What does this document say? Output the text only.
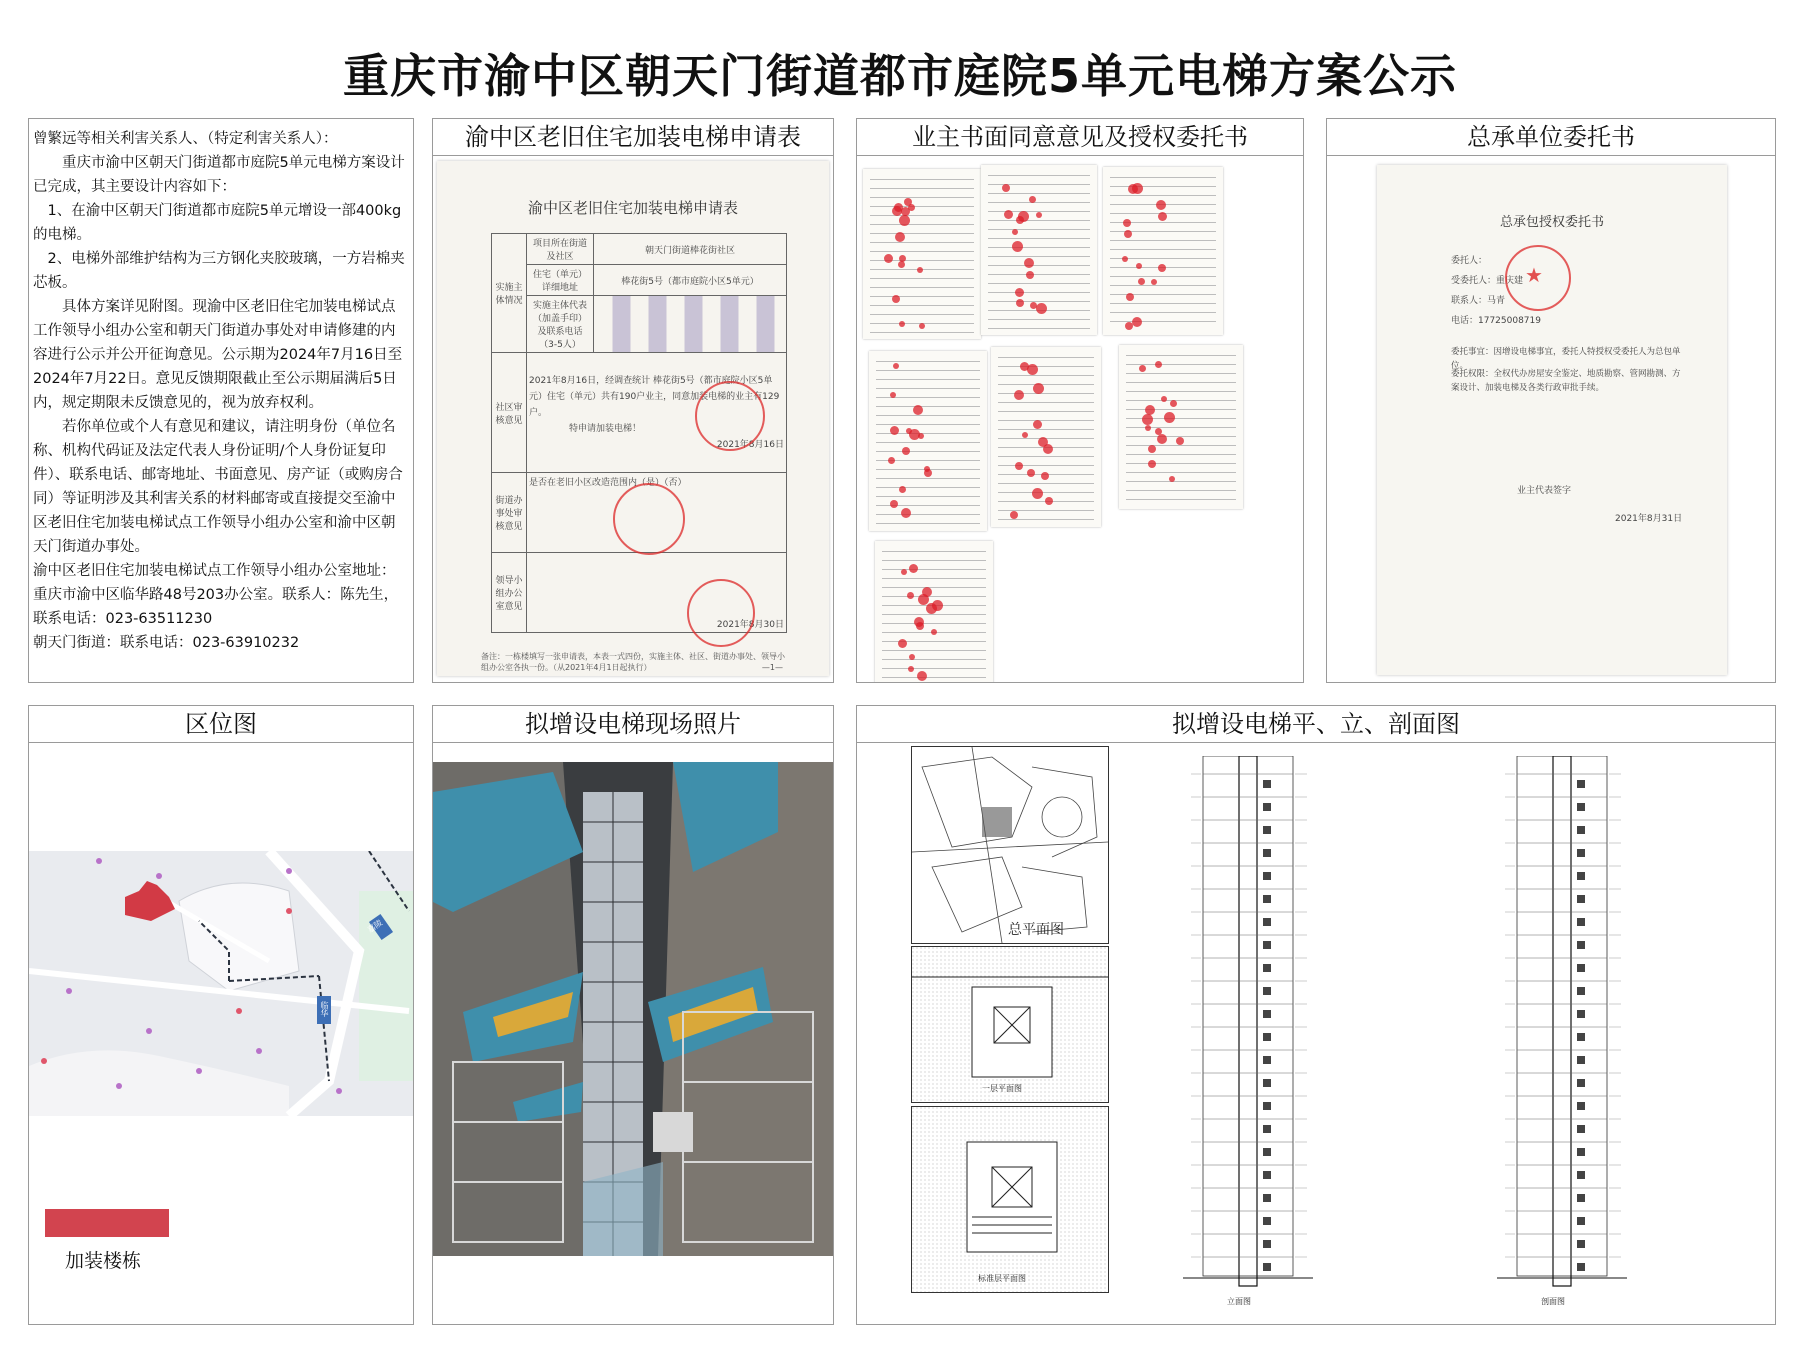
重庆市渝中区朝天门街道都市庭院5单元电梯方案公示

曾繁远等相关利害关系人、（特定利害关系人）：

重庆市渝中区朝天门街道都市庭院5单元电梯方案设计已完成，其主要设计内容如下：

1、在渝中区朝天门街道都市庭院5单元增设一部400kg的电梯。

2、电梯外部维护结构为三方钢化夹胶玻璃，一方岩棉夹芯板。

具体方案详见附图。现渝中区老旧住宅加装电梯试点工作领导小组办公室和朝天门街道办事处对申请修建的内容进行公示并公开征询意见。公示期为2024年7月16日至2024年7月22日。意见反馈期限截止至公示期届满后5日内，规定期限未反馈意见的，视为放弃权利。

若你单位或个人有意见和建议，请注明身份（单位名称、机构代码证及法定代表人身份证明/个人身份证复印件）、联系电话、邮寄地址、书面意见、房产证（或购房合同）等证明涉及其利害关系的材料邮寄或直接提交至渝中区老旧住宅加装电梯试点工作领导小组办公室和渝中区朝天门街道办事处。

渝中区老旧住宅加装电梯试点工作领导小组办公室地址：重庆市渝中区临华路48号203办公室。联系人：陈先生，联系电话：023-63511230

朝天门街道：联系电话：023-63910232

渝中区老旧住宅加装电梯申请表
渝中区老旧住宅加装电梯申请表
实施主体情况	项目所在街道及社区	朝天门街道棒花街社区
	住宅（单元）详细地址	棒花街5号（都市庭院小区5单元）
	实施主体代表（加盖手印）及联系电话（3-5人）	
社区审核意见	2021年8月16日，经调查统计 棒花街5号（都市庭院小区5单元）住宅（单元）共有190户业主，同意加装电梯的业主有129户。
特申请加装电梯！
2021年8月16日	

街道办事处审核意见	是否在老旧小区改造范围内（是）（否）	
领导小组办公室意见	2021年8月30日	
备注：一栋楼填写一张申请表，本表一式四份，实施主体、社区、街道办事处、领导小组办公室各执一份。（从2021年4月1日起执行）	—1—
业主书面同意意见及授权委托书	总承单位委托书
总承包授权委托书
委托人：
受委托人：重庆建
联系人：马青
电话：17725008719
委托事宜：因增设电梯事宜，委托人特授权受委托人为总包单位。
委托权限：全权代办房屋安全鉴定、地质勘察、管网勘测、方案设计、加装电梯及各类行政审批手续。
业主代表签字
2021年8月31日
★
区位图
嘉陵
临华
加装楼栋
拟增设电梯现场照片	拟增设电梯平、立、剖面图
总平面图
一层平面图
标准层平面图
立面图	剖面图
